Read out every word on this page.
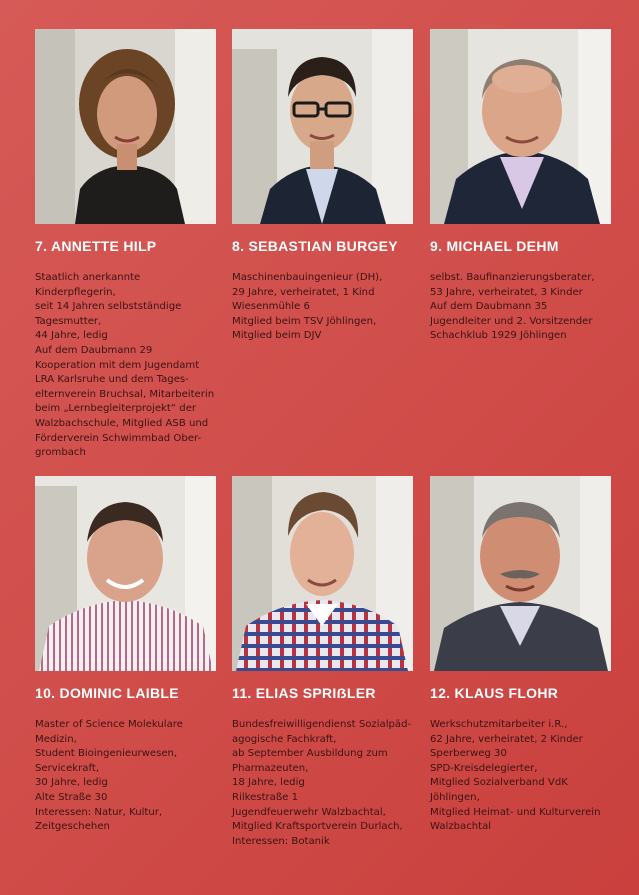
7. ANNETTE HILP
Staatlich anerkannte
Kinderpflegerin,
seit 14 Jahren selbstständige
Tagesmutter,
44 Jahre, ledig
Auf dem Daubmann 29
Kooperation mit dem Jugendamt
LRA Karlsruhe und dem Tages-
elternverein Bruchsal, Mitarbeiterin
beim „Lernbegleiterprojekt“ der
Walzbachschule, Mitglied ASB und
Förderverein Schwimmbad Ober-
grombach
8. SEBASTIAN BURGEY
Maschinenbauingenieur (DH),
29 Jahre, verheiratet, 1 Kind
Wiesenmühle 6
Mitglied beim TSV Jöhlingen,
Mitglied beim DJV
9. MICHAEL DEHM
selbst. Baufinanzierungsberater,
53 Jahre, verheiratet, 3 Kinder
Auf dem Daubmann 35
Jugendleiter und 2. Vorsitzender
Schachklub 1929 Jöhlingen
10. DOMINIC LAIBLE
Master of Science Molekulare
Medizin,
Student Bioingenieurwesen,
Servicekraft,
30 Jahre, ledig
Alte Straße 30
Interessen: Natur, Kultur,
Zeitgeschehen
11. ELIAS SPRIẞLER
Bundesfreiwilligendienst Sozialpäd-
agogische Fachkraft,
ab September Ausbildung zum
Pharmazeuten,
18 Jahre, ledig
Rilkestraße 1
Jugendfeuerwehr Walzbachtal,
Mitglied Kraftsportverein Durlach,
Interessen: Botanik
12. KLAUS FLOHR
Werkschutzmitarbeiter i.R.,
62 Jahre, verheiratet, 2 Kinder
Sperberweg 30
SPD-Kreisdelegierter,
Mitglied Sozialverband VdK
Jöhlingen,
Mitglied Heimat- und Kulturverein
Walzbachtal
